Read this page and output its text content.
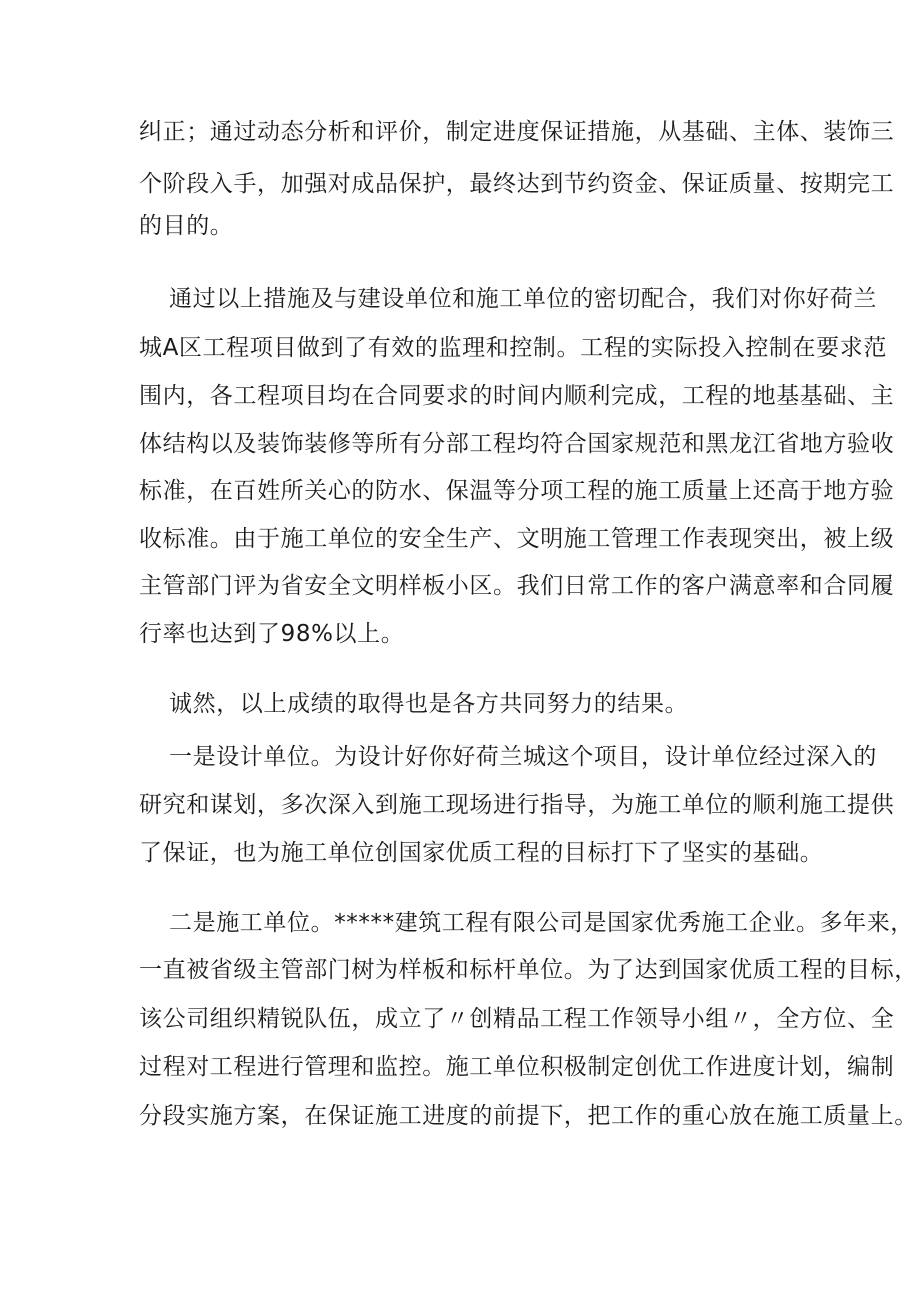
纠正；通过动态分析和评价，制定进度保证措施，从基础、主体、装饰三
个阶段入手，加强对成品保护，最终达到节约资金、保证质量、按期完工
的目的。
通过以上措施及与建设单位和施工单位的密切配合，我们对你好荷兰
城A区工程项目做到了有效的监理和控制。工程的实际投入控制在要求范
围内，各工程项目均在合同要求的时间内顺利完成，工程的地基基础、主
体结构以及装饰装修等所有分部工程均符合国家规范和黑龙江省地方验收
标准，在百姓所关心的防水、保温等分项工程的施工质量上还高于地方验
收标准。由于施工单位的安全生产、文明施工管理工作表现突出，被上级
主管部门评为省安全文明样板小区。我们日常工作的客户满意率和合同履
行率也达到了98%以上。
诚然，以上成绩的取得也是各方共同努力的结果。
一是设计单位。为设计好你好荷兰城这个项目，设计单位经过深入的
研究和谋划，多次深入到施工现场进行指导，为施工单位的顺利施工提供
了保证，也为施工单位创国家优质工程的目标打下了坚实的基础。
二是施工单位。*****建筑工程有限公司是国家优秀施工企业。多年来，
一直被省级主管部门树为样板和标杆单位。为了达到国家优质工程的目标，
该公司组织精锐队伍，成立了〃创精品工程工作领导小组〃，全方位、全
过程对工程进行管理和监控。施工单位积极制定创优工作进度计划，编制
分段实施方案，在保证施工进度的前提下，把工作的重心放在施工质量上。
